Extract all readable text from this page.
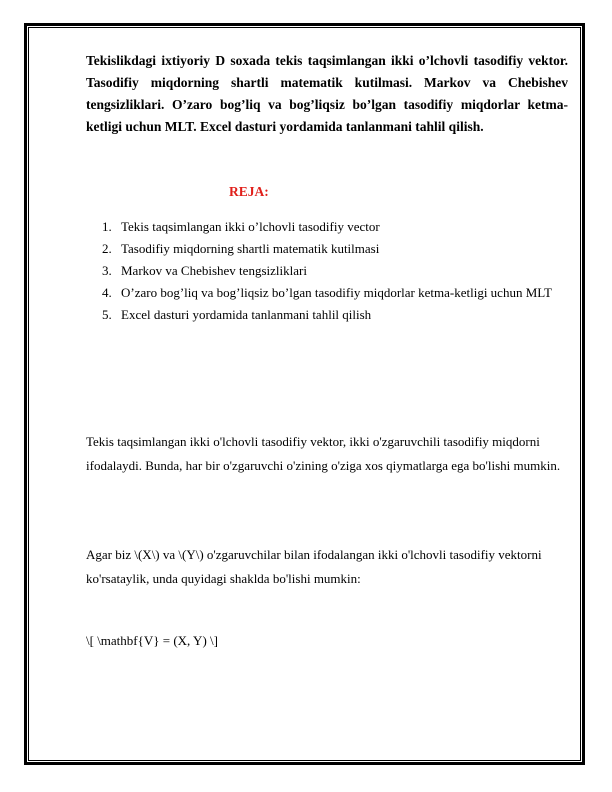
Tekislikdagi ixtiyoriy D soxada tekis taqsimlangan ikki o’lchovli tasodifiy vektor. Tasodifiy miqdorning shartli matematik kutilmasi. Markov va Chebishev tengsizliklari. O’zaro bog’liq va bog’liqsiz bo’lgan tasodifiy miqdorlar ketma-ketligi uchun MLT. Excel dasturi yordamida tanlanmani tahlil qilish.
REJA:
1. Tekis taqsimlangan ikki o’lchovli tasodifiy vector
2. Tasodifiy miqdorning shartli matematik kutilmasi
3. Markov va Chebishev tengsizliklari
4. O’zaro bog’liq va bog’liqsiz bo’lgan tasodifiy miqdorlar ketma-ketligi uchun MLT
5. Excel dasturi yordamida tanlanmani tahlil qilish
Tekis taqsimlangan ikki o'lchovli tasodifiy vektor, ikki o'zgaruvchili tasodifiy miqdorni ifodalaydi. Bunda, har bir o'zgaruvchi o'zining o'ziga xos qiymatlarga ega bo'lishi mumkin.
Agar biz \(X\) va \(Y\) o'zgaruvchilar bilan ifodalangan ikki o'lchovli tasodifiy vektorni ko'rsataylik, unda quyidagi shaklda bo'lishi mumkin:
\[ \mathbf{V} = (X, Y) \]
